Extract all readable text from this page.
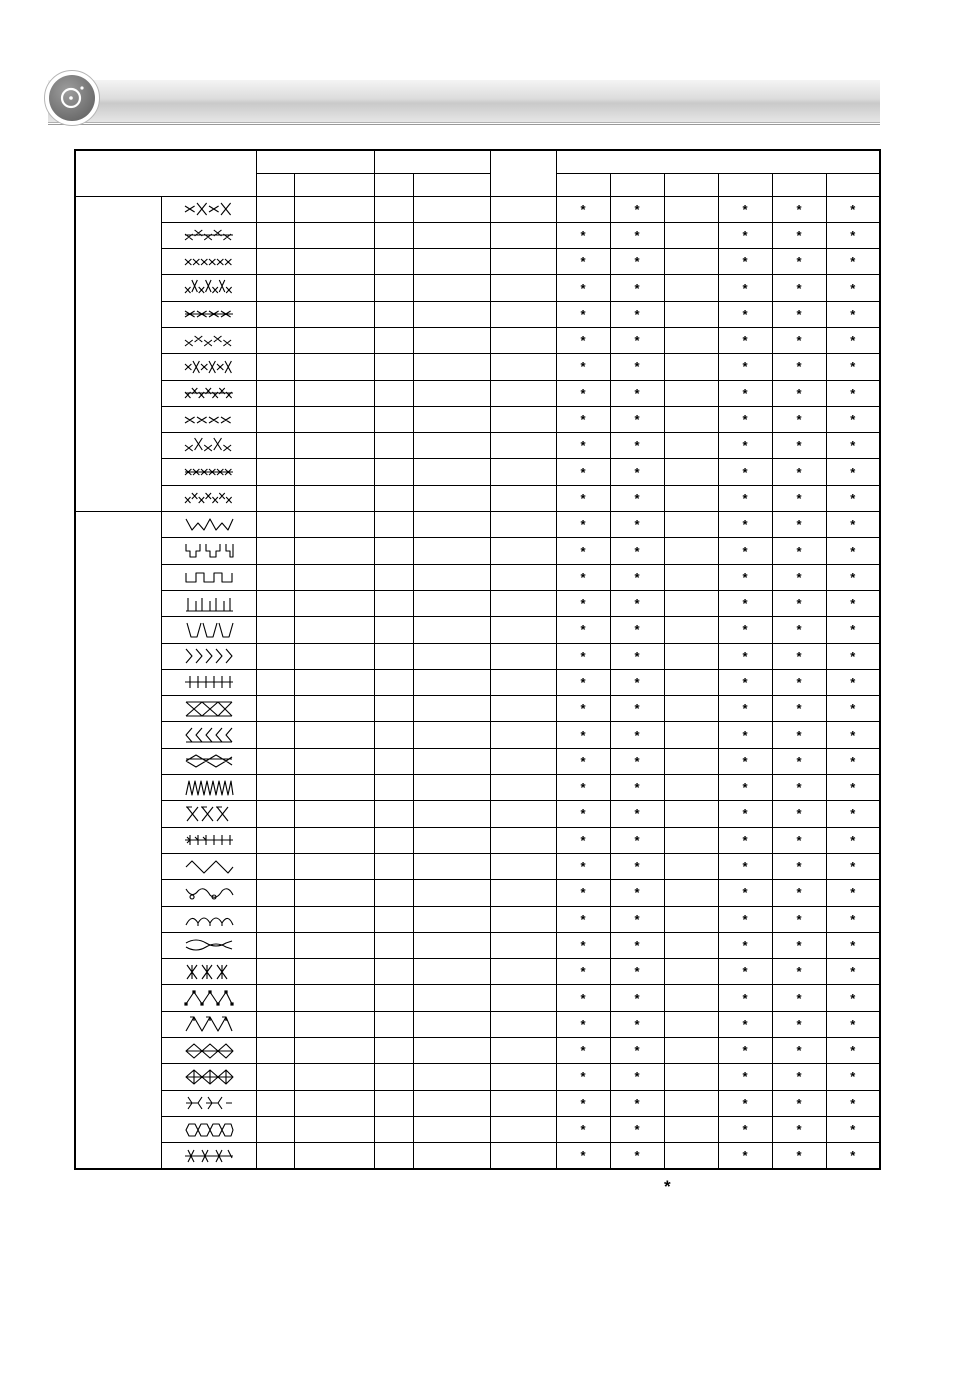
						*	*		*	*	*

						*	*		*	*	*

						*	*		*	*	*

						*	*		*	*	*

						*	*		*	*	*

						*	*		*	*	*

						*	*		*	*	*

						*	*		*	*	*

						*	*		*	*	*

						*	*		*	*	*

						*	*		*	*	*

						*	*		*	*	*

						*	*		*	*	*

						*	*		*	*	*

						*	*		*	*	*

						*	*		*	*	*

						*	*		*	*	*

						*	*		*	*	*

						*	*		*	*	*

						*	*		*	*	*

						*	*		*	*	*

						*	*		*	*	*

						*	*		*	*	*

						*	*		*	*	*

						*	*		*	*	*

						*	*		*	*	*

						*	*		*	*	*

						*	*		*	*	*

						*	*		*	*	*

						*	*		*	*	*

						*	*		*	*	*

						*	*		*	*	*

						*	*		*	*	*

						*	*		*	*	*

						*	*		*	*	*

						*	*		*	*	*

						*	*		*	*	*
*
